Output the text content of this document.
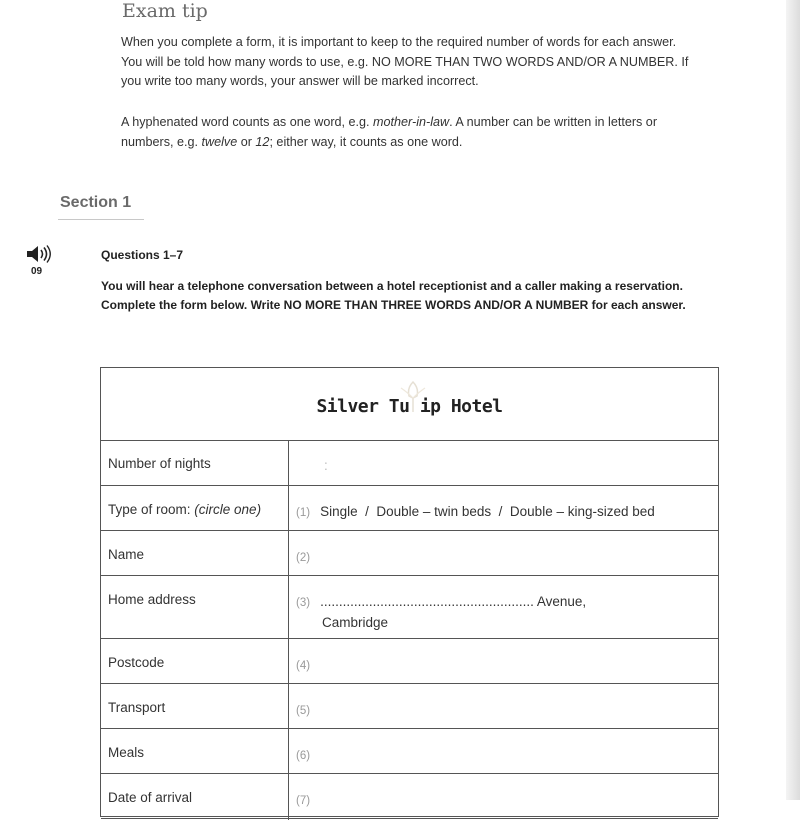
Exam tip
When you complete a form, it is important to keep to the required number of words for each answer. You will be told how many words to use, e.g. NO MORE THAN TWO WORDS AND/OR A NUMBER. If you write too many words, your answer will be marked incorrect.
A hyphenated word counts as one word, e.g. mother-in-law. A number can be written in letters or numbers, e.g. twelve or 12; either way, it counts as one word.
Section 1
09
Questions 1–7
You will hear a telephone conversation between a hotel receptionist and a caller making a reservation. Complete the form below. Write NO MORE THAN THREE WORDS AND/OR A NUMBER for each answer.
Silver Tu ip Hotel
Number of nights	:
Type of room: (circle one)	(1) Single  /  Double – twin beds  /  Double – king-sized bed
Name	(2)
Home address	(3) ......................................................... Avenue,
Cambridge
Postcode	(4)
Transport	(5)
Meals	(6)
Date of arrival	(7)
